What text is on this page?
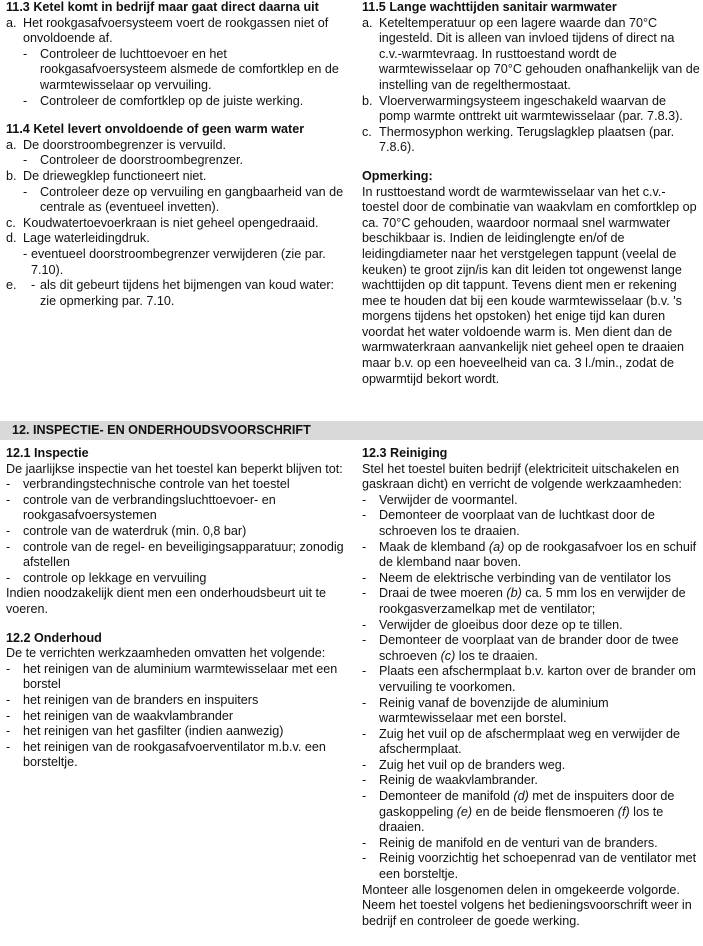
11.3 Ketel komt in bedrijf maar gaat direct daarna uit
a. Het rookgasafvoersysteem voert de rookgassen niet of onvoldoende af.
-	Controleer de luchttoevoer en het rookgasafvoersysteem alsmede de comfortklep en de warmtewisselaar op vervuiling.
-	Controleer de comfortklep op de juiste werking.
11.4 Ketel levert onvoldoende of geen warm water
a. De doorstroombegrenzer is vervuild.
-	Controleer de doorstroombegrenzer.
b. De driewegklep functioneert niet.
-	Controleer deze op vervuiling en gangbaarheid van de centrale as (eventueel invetten).
c. Koudwatertoevoerkraan is niet geheel opengedraaid.
d. Lage waterleidingdruk.
- eventueel doorstroombegrenzer verwijderen (zie par. 7.10).
e.	- als dit gebeurt tijdens het bijmengen van koud water: zie opmerking par. 7.10.
11.5 Lange wachttijden sanitair warmwater
a. Keteltemperatuur op een lagere waarde dan 70°C ingesteld. Dit is alleen van invloed tijdens of direct na c.v.-warmtevraag. In rusttoestand wordt de warmtewisselaar op 70°C gehouden onafhankelijk van de instelling van de regelthermostaat.
b. Vloerverwarmingsysteem ingeschakeld waarvan de pomp warmte onttrekt uit warmtewisselaar (par. 7.8.3).
c. Thermosyphon werking. Terugslagklep plaatsen (par. 7.8.6).
Opmerking:

In rusttoestand wordt de warmtewisselaar van het c.v.-toestel door de combinatie van waakvlam en comfortklep op ca. 70°C gehouden, waardoor normaal snel warmwater beschikbaar is. Indien de leidinglengte en/of de leidingdiameter naar het verstgelegen tappunt (veelal de keuken) te groot zijn/is kan dit leiden tot ongewenst lange wachttijden op dit tappunt. Tevens dient men er rekening mee te houden dat bij een koude warmtewisselaar (b.v. 's morgens tijdens het opstoken) het enige tijd kan duren voordat het water voldoende warm is. Men dient dan de warmwaterkraan aanvankelijk niet geheel open te draaien maar b.v. op een hoeveelheid van ca. 3 l./min., zodat de opwarmtijd bekort wordt.

12. INSPECTIE- EN ONDERHOUDSVOORSCHRIFT
12.1 Inspectie

De jaarlijkse inspectie van het toestel kan beperkt blijven tot:

-	verbrandingstechnische controle van het toestel
-	controle van de verbrandingsluchttoevoer- en rookgasafvoersystemen
-	controle van de waterdruk (min. 0,8 bar)
-	controle van de regel- en beveiligingsapparatuur; zonodig afstellen
-	controle op lekkage en vervuiling

Indien noodzakelijk dient men een onderhoudsbeurt uit te voeren.

12.2 Onderhoud

De te verrichten werkzaamheden omvatten het volgende:

-	het reinigen van de aluminium warmtewisselaar met een borstel
-	het reinigen van de branders en inspuiters
-	het reinigen van de waakvlambrander
-	het reinigen van het gasfilter (indien aanwezig)
-	het reinigen van de rookgasafvoerventilator m.b.v. een borsteltje.
12.3 Reiniging

Stel het toestel buiten bedrijf (elektriciteit uitschakelen en gaskraan dicht) en verricht de volgende werkzaamheden:

-	Verwijder de voormantel.
-	Demonteer de voorplaat van de luchtkast door de schroeven los te draaien.
-	Maak de klemband (a) op de rookgasafvoer los en schuif de klemband naar boven.
-	Neem de elektrische verbinding van de ventilator los
-	Draai de twee moeren (b) ca. 5 mm los en verwijder de rookgasverzamelkap met de ventilator;
-	Verwijder de gloeibus door deze op te tillen.
-	Demonteer de voorplaat van de brander door de twee schroeven (c) los te draaien.
-	Plaats een afschermplaat b.v. karton over de brander om vervuiling te voorkomen.
-	Reinig vanaf de bovenzijde de aluminium warmtewisselaar met een borstel.
-	Zuig het vuil op de afschermplaat weg en verwijder de afschermplaat.
-	Zuig het vuil op de branders weg.
-	Reinig de waakvlambrander.
-	Demonteer de manifold (d) met de inspuiters door de gaskoppeling (e) en de beide flensmoeren (f) los te draaien.
-	Reinig de manifold en de venturi van de branders.
-	Reinig voorzichtig het schoepenrad van de ventilator met een borsteltje.

Monteer alle losgenomen delen in omgekeerde volgorde. Neem het toestel volgens het bedieningsvoorschrift weer in bedrijf en controleer de goede werking.
